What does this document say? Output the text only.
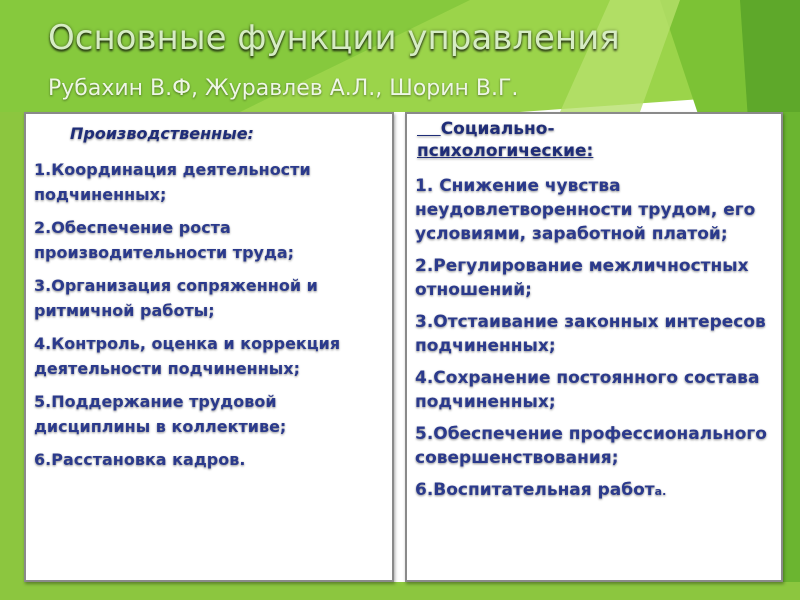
Основные функции управления
Рубахин В.Ф, Журавлев А.Л., Шорин В.Г.
Производственные:
1.Координация деятельности подчиненных;
2.Обеспечение роста производительности труда;
3.Организация сопряженной и ритмичной работы;
4.Контроль, оценка и коррекция деятельности подчиненных;
5.Поддержание трудовой дисциплины в коллективе;
6.Расстановка кадров.
Социально-
психологические:
1. Снижение чувства неудовлетворенности трудом, его условиями, заработной платой;
2.Регулирование межличностных отношений;
3.Отстаивание законных интересов подчиненных;
4.Сохранение постоянного состава подчиненных;
5.Обеспечение профессионального совершенствования;
6.Воспитательная работа.
